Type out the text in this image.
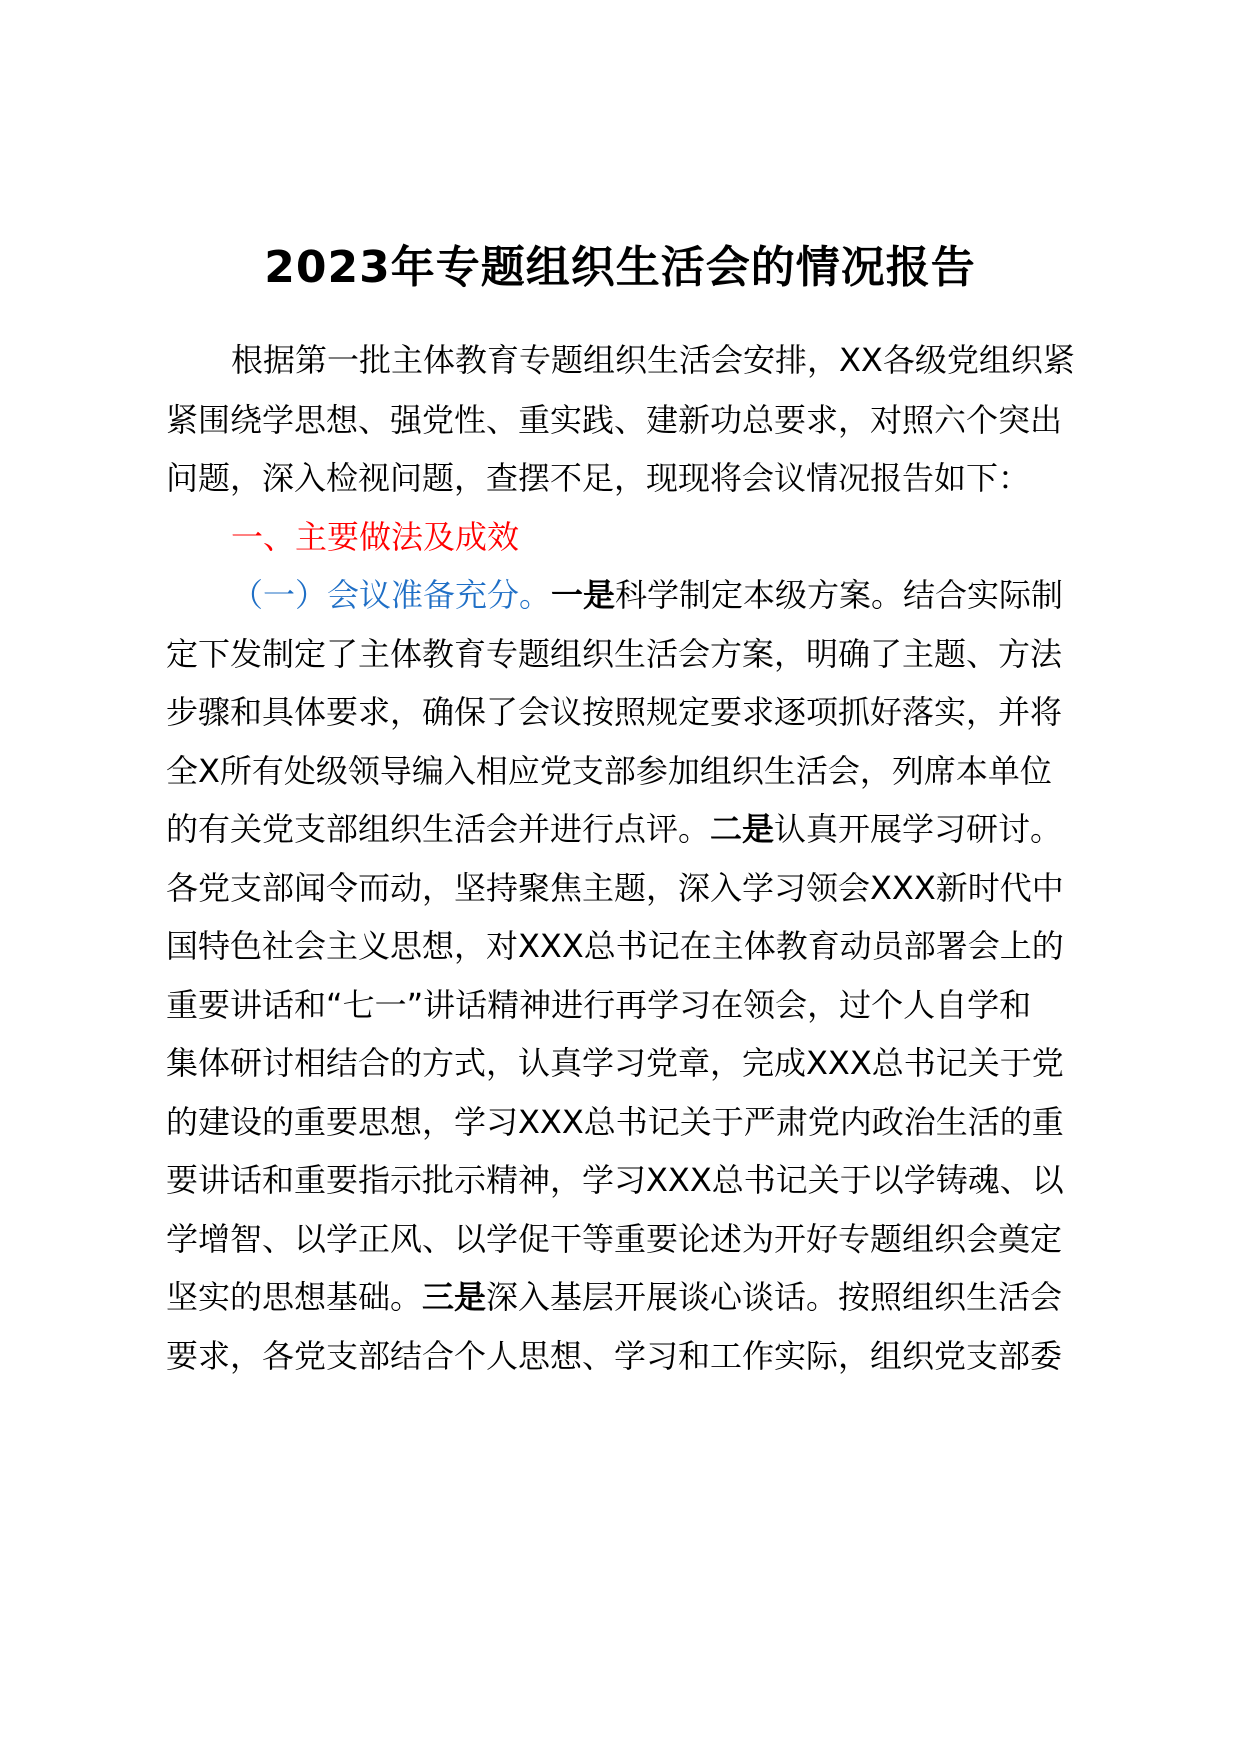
2023年专题组织生活会的情况报告
根据第一批主体教育专题组织生活会安排，XX各级党组织紧
紧围绕学思想、强党性、重实践、建新功总要求，对照六个突出
问题，深入检视问题，查摆不足，现现将会议情况报告如下：
一、主要做法及成效
（一）会议准备充分。一是科学制定本级方案。结合实际制
定下发制定了主体教育专题组织生活会方案，明确了主题、方法
步骤和具体要求，确保了会议按照规定要求逐项抓好落实，并将
全X所有处级领导编入相应党支部参加组织生活会，列席本单位
的有关党支部组织生活会并进行点评。二是认真开展学习研讨。
各党支部闻令而动，坚持聚焦主题，深入学习领会XXX新时代中
国特色社会主义思想，对XXX总书记在主体教育动员部署会上的
重要讲话和“七一”讲话精神进行再学习在领会，过个人自学和
集体研讨相结合的方式，认真学习党章，完成XXX总书记关于党
的建设的重要思想，学习XXX总书记关于严肃党内政治生活的重
要讲话和重要指示批示精神，学习XXX总书记关于以学铸魂、以
学增智、以学正风、以学促干等重要论述为开好专题组织会奠定
坚实的思想基础。三是深入基层开展谈心谈话。按照组织生活会
要求，各党支部结合个人思想、学习和工作实际，组织党支部委
